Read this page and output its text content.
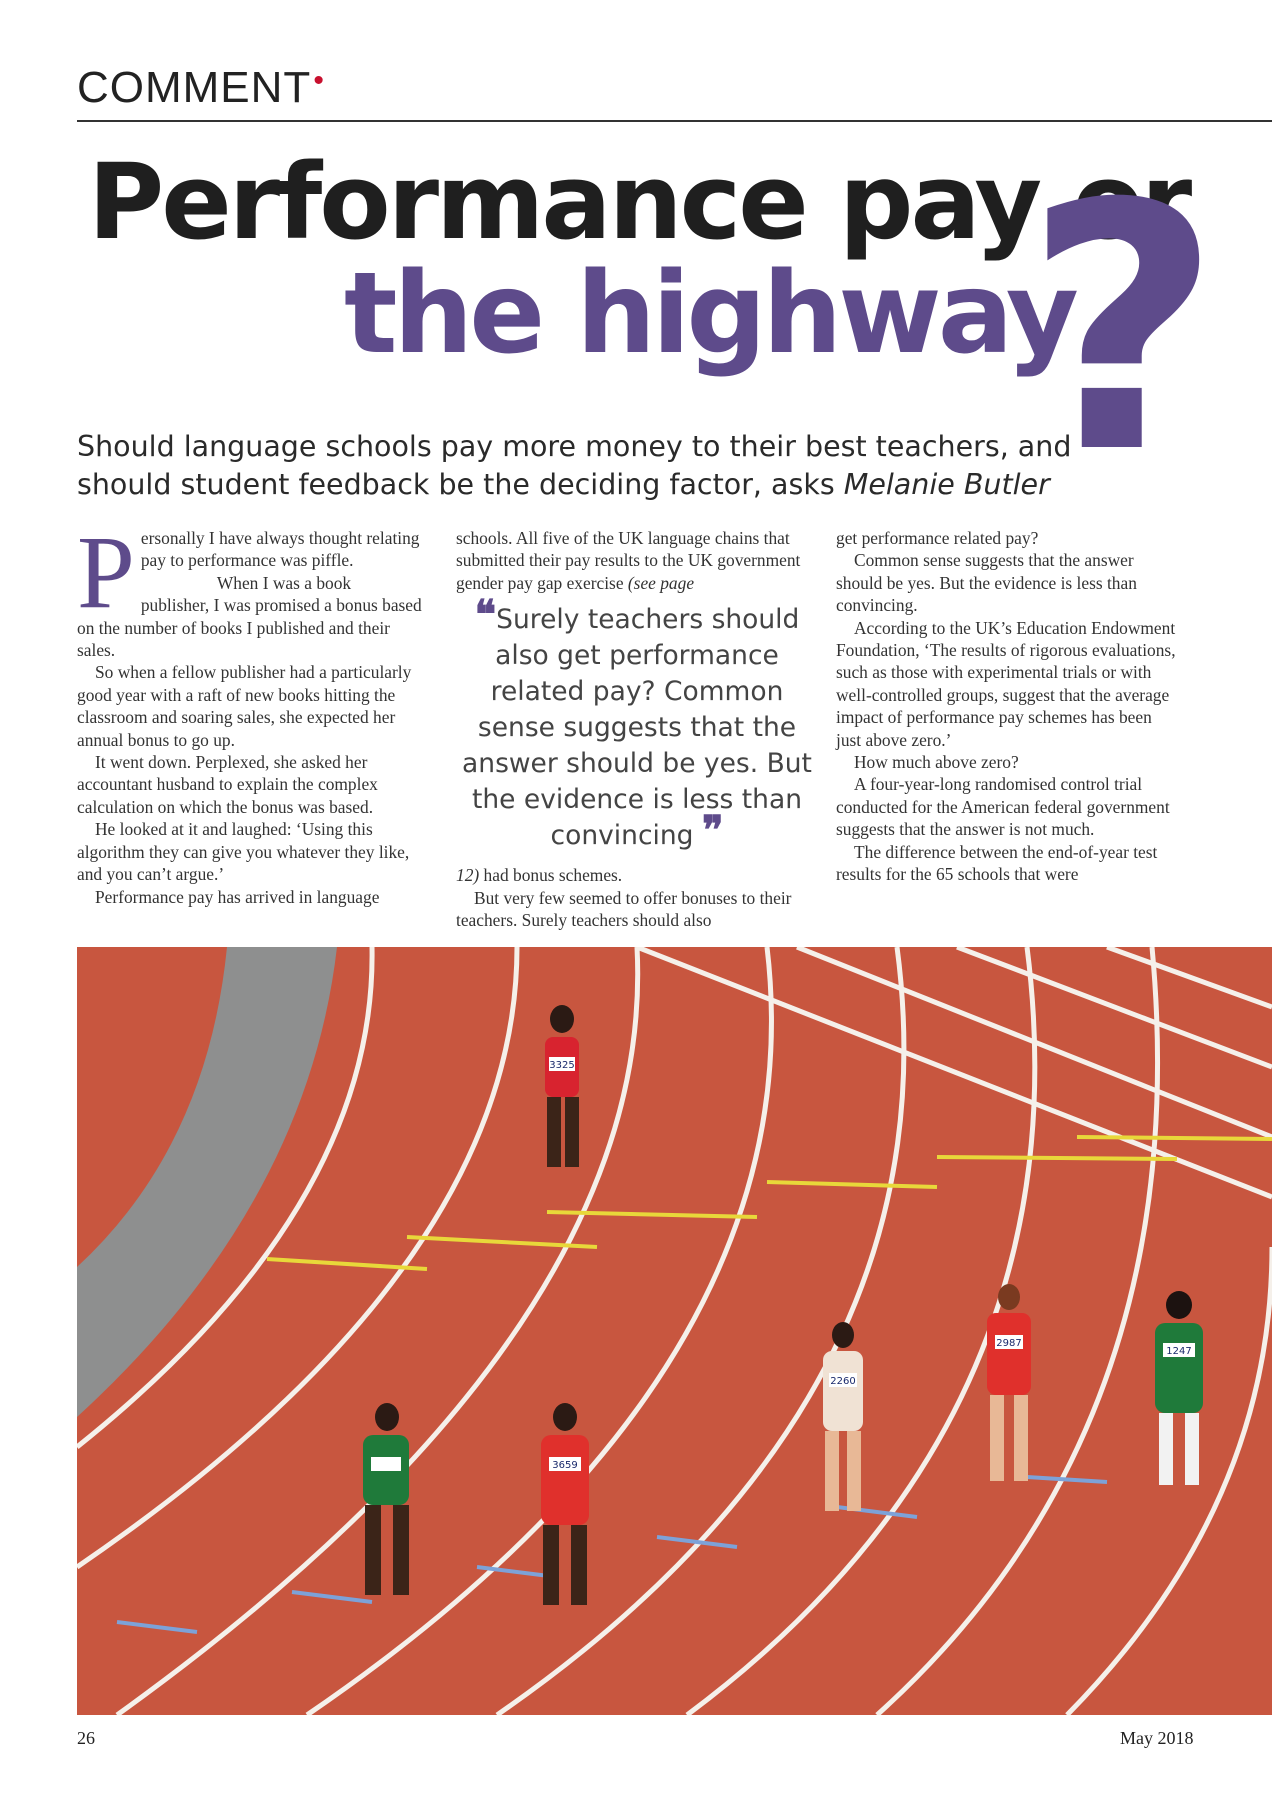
COMMENT•
Performance pay or
the highway
?
Should language schools pay more money to their best teachers, and should student feedback be the deciding factor, asks Melanie Butler

Personally I have always thought relating pay to performance was piffle.

When I was a book publisher, I was promised a bonus based on the number of books I published and their sales.

So when a fellow publisher had a particularly good year with a raft of new books hitting the classroom and soaring sales, she expected her annual bonus to go up.

It went down. Perplexed, she asked her accountant husband to explain the complex calculation on which the bonus was based.

He looked at it and laughed: ‘Using this algorithm they can give you whatever they like, and you can’t argue.’

Performance pay has arrived in language

schools. All five of the UK language chains that submitted their pay results to the UK government gender pay gap exercise (see page

❝Surely teachers should also get performance related pay? Common sense suggests that the answer should be yes. But the evidence is less than convincing ❞

12) had bonus schemes.

But very few seemed to offer bonuses to their teachers. Surely teachers should also

get performance related pay?

Common sense suggests that the answer should be yes. But the evidence is less than convincing.

According to the UK’s Education Endowment Foundation, ‘The results of rigorous evaluations, such as those with experimental trials or with well-controlled groups, suggest that the average impact of performance pay schemes has been just above zero.’

How much above zero?

A four-year-long randomised control trial conducted for the American federal government suggests that the answer is not much.

The difference between the end-of-year test results for the 65 schools that were

3325
3659
2260
2987
1247
26	May 2018
